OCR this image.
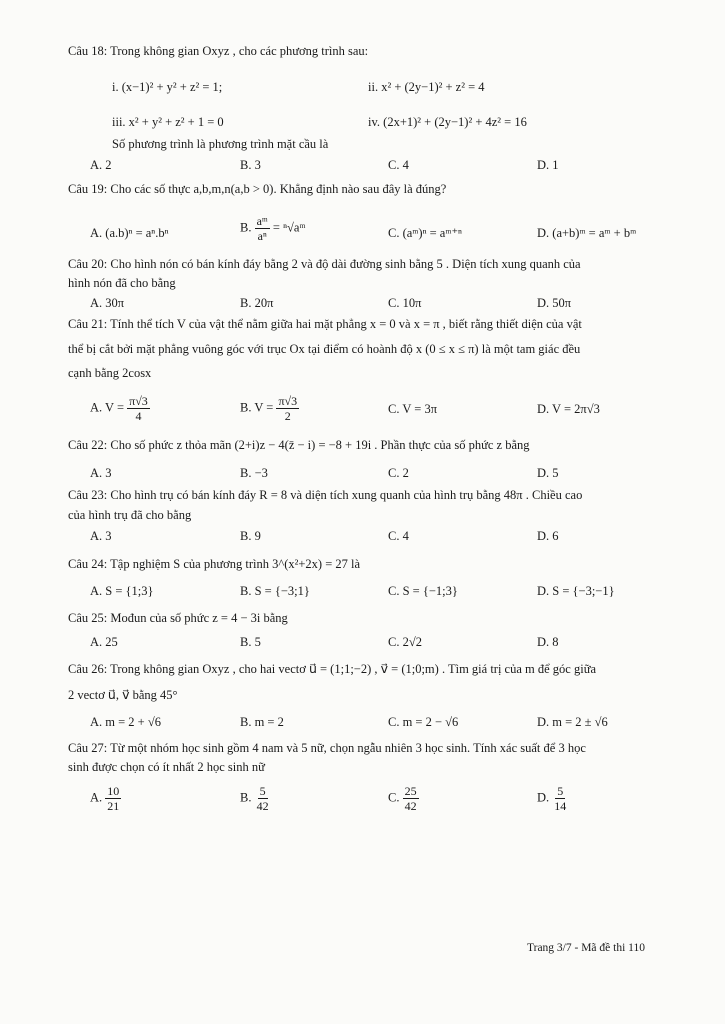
Câu 18: Trong không gian Oxyz , cho các phương trình sau:
i. (x−1)² + y² + z² = 1;	ii. x² + (2y−1)² + z² = 4
iii. x² + y² + z² + 1 = 0	iv. (2x+1)² + (2y−1)² + 4z² = 16
Số phương trình là phương trình mặt cầu là
A. 2	B. 3	C. 4	D. 1
Câu 19: Cho các số thực a,b,m,n(a,b > 0). Khẳng định nào sau đây là đúng?
A. (a.b)ⁿ = aⁿ.bⁿ	B. $\frac{\text{aᵐ}}{\text{aⁿ}}$ = ⁿ√aᵐ	C. (aᵐ)ⁿ = aᵐ⁺ⁿ	D. (a+b)ᵐ = aᵐ + bᵐ
Câu 20: Cho hình nón có bán kính đáy bằng 2 và độ dài đường sinh bằng 5 . Diện tích xung quanh của
hình nón đã cho bằng
A. 30π	B. 20π	C. 10π	D. 50π
Câu 21: Tính thể tích V của vật thể nằm giữa hai mặt phẳng x = 0 và x = π , biết rằng thiết diện của vật
thể bị cắt bởi mặt phẳng vuông góc với trục Ox tại điểm có hoành độ x (0 ≤ x ≤ π) là một tam giác đều
cạnh bằng 2cosx
A. $V = \frac{\pi√3}{4}$	B. $V = \frac{\pi√3}{2}$	C. V = 3π	D. V = 2π√3
Câu 22: Cho số phức z thỏa mãn (2+i)z − 4(z̄ − i) = −8 + 19i . Phần thực của số phức z bằng
A. 3	B. −3	C. 2	D. 5
Câu 23: Cho hình trụ có bán kính đáy R = 8 và diện tích xung quanh của hình trụ bằng 48π . Chiều cao
của hình trụ đã cho bằng
A. 3	B. 9	C. 4	D. 6
Câu 24: Tập nghiệm S của phương trình 3^(x²+2x) = 27 là
A. S = {1;3}	B. S = {−3;1}	C. S = {−1;3}	D. S = {−3;−1}
Câu 25: Mođun của số phức z = 4 − 3i bằng
A. 25	B. 5	C. 2√2	D. 8
Câu 26: Trong không gian Oxyz , cho hai vectơ u⃗ = (1;1;−2) , v⃗ = (1;0;m) . Tìm giá trị của m để góc giữa
2 vectơ u⃗, v⃗ bằng 45°
A. m = 2 + √6	B. m = 2	C. m = 2 − √6	D. m = 2 ± √6
Câu 27: Từ một nhóm học sinh gồm 4 nam và 5 nữ, chọn ngẫu nhiên 3 học sinh. Tính xác suất để 3 học
sinh được chọn có ít nhất 2 học sinh nữ
A. $\frac{10}{21}$	B. $\frac{5}{42}$	C. $\frac{25}{42}$	D. $\frac{5}{14}$
Trang 3/7 - Mã đề thi 110
